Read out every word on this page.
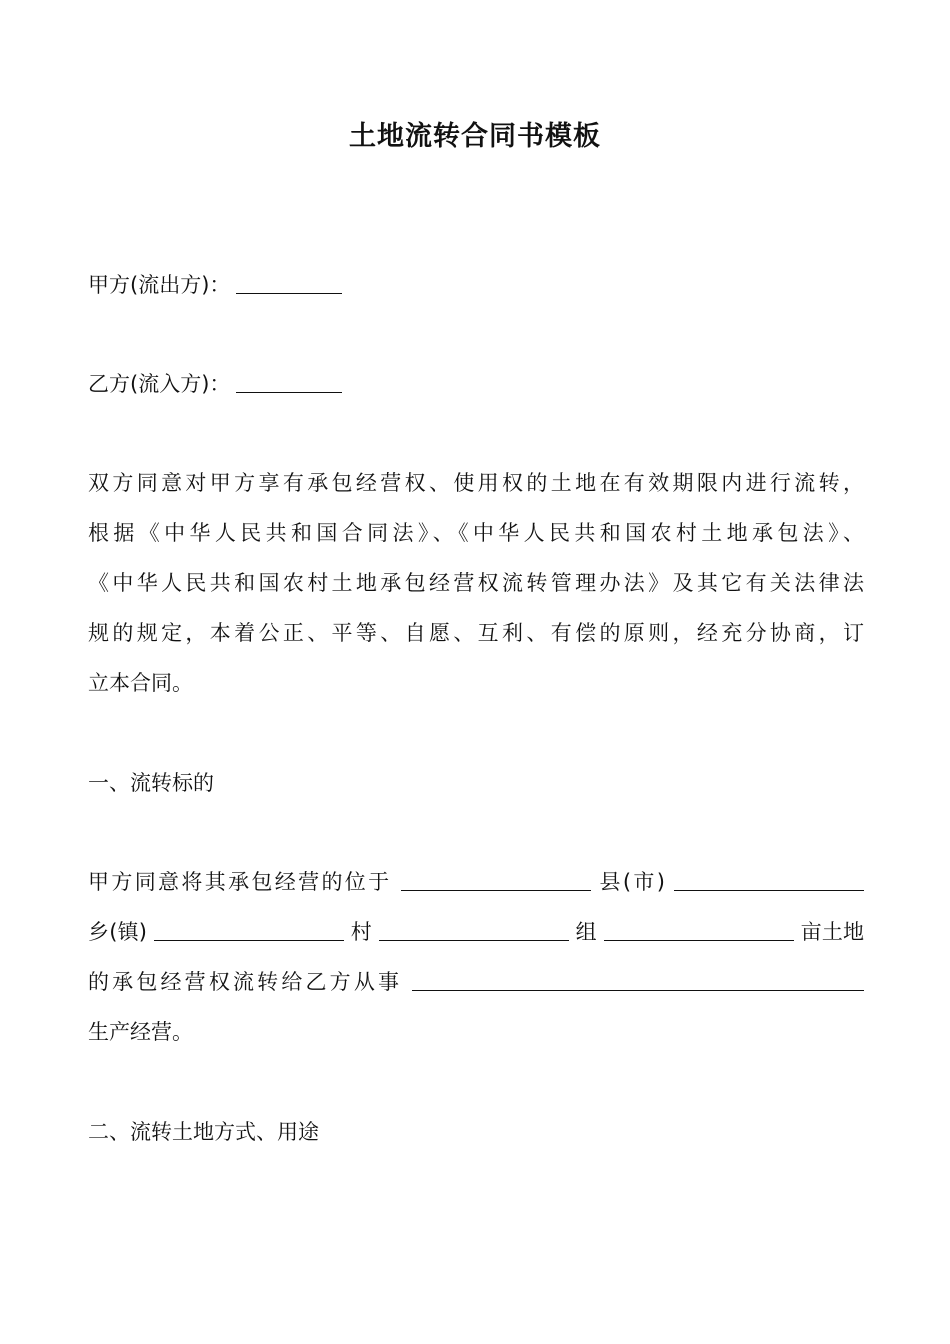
土地流转合同书模板

甲方(流出方)：

乙方(流入方)：

双方同意对甲方享有承包经营权、使用权的土地在有效期限内进行流转，

根据《中华人民共和国合同法》、《中华人民共和国农村土地承包法》、

《中华人民共和国农村土地承包经营权流转管理办法》及其它有关法律法

规的规定，本着公正、平等、自愿、互利、有偿的原则，经充分协商，订

立本合同。

一、流转标的

甲方同意将其承包经营的位于	县(市)

乡(镇)	村	组	亩土地

的承包经营权流转给乙方从事

生产经营。

二、流转土地方式、用途
